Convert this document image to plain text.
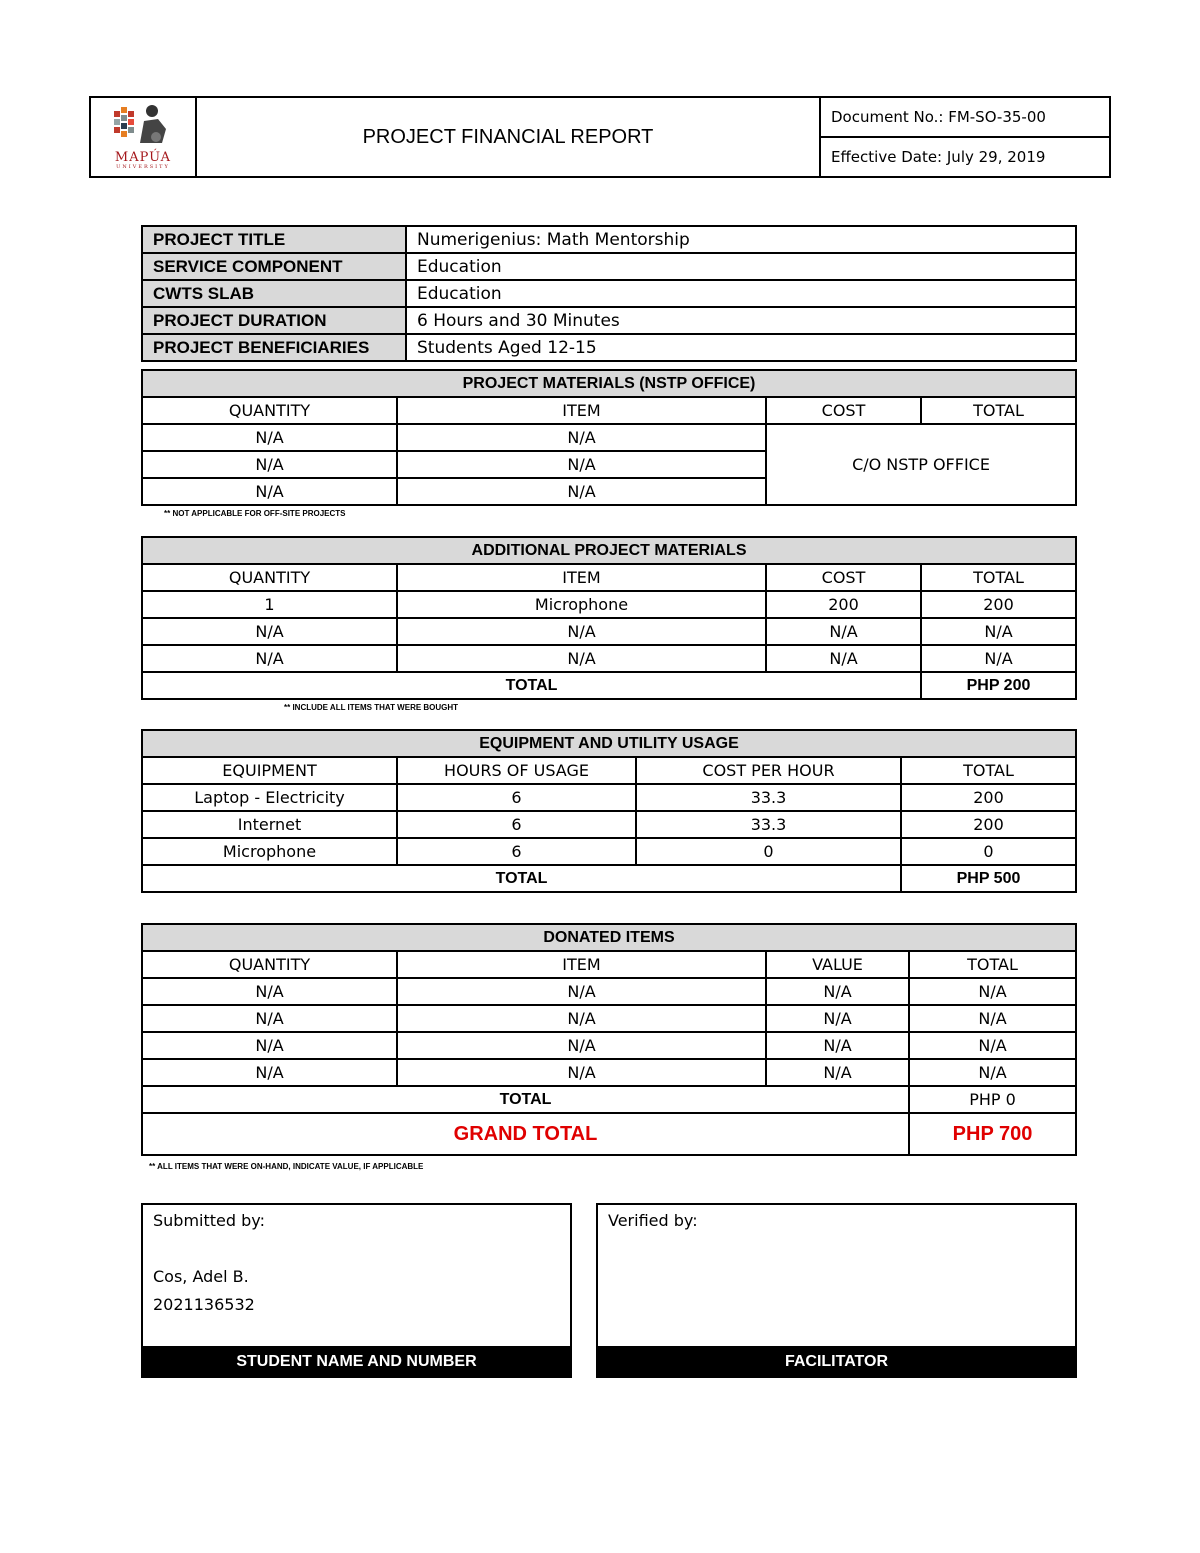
MAPÚA
UNIVERSITY
	PROJECT FINANCIAL REPORT	Document No.: FM-SO-35-00
Effective Date: July 29, 2019
PROJECT TITLE	Numerigenius: Math Mentorship
SERVICE COMPONENT	Education
CWTS SLAB	Education
PROJECT DURATION	6 Hours and 30 Minutes
PROJECT BENEFICIARIES	Students Aged 12-15
PROJECT MATERIALS (NSTP OFFICE)			
QUANTITY	ITEM	COST	TOTAL
N/A	N/A	C/O NSTP OFFICE	
N/A	N/A		
N/A	N/A		
** NOT APPLICABLE FOR OFF-SITE PROJECTS
ADDITIONAL PROJECT MATERIALS			
QUANTITY	ITEM	COST	TOTAL
1	Microphone	200	200
N/A	N/A	N/A	N/A
N/A	N/A	N/A	N/A
TOTAL			PHP 200
** INCLUDE ALL ITEMS THAT WERE BOUGHT
EQUIPMENT AND UTILITY USAGE			
EQUIPMENT	HOURS OF USAGE	COST PER HOUR	TOTAL
Laptop - Electricity	6	33.3	200
Internet	6	33.3	200
Microphone	6	0	0
TOTAL			PHP 500
DONATED ITEMS			
QUANTITY	ITEM	VALUE	TOTAL
N/A	N/A	N/A	N/A
N/A	N/A	N/A	N/A
N/A	N/A	N/A	N/A
N/A	N/A	N/A	N/A
TOTAL			PHP 0
GRAND TOTAL			PHP 700
** ALL ITEMS THAT WERE ON-HAND, INDICATE VALUE, IF APPLICABLE
Submitted by:
Cos, Adel B.
2021136532
STUDENT NAME AND NUMBER
Verified by:
FACILITATOR
